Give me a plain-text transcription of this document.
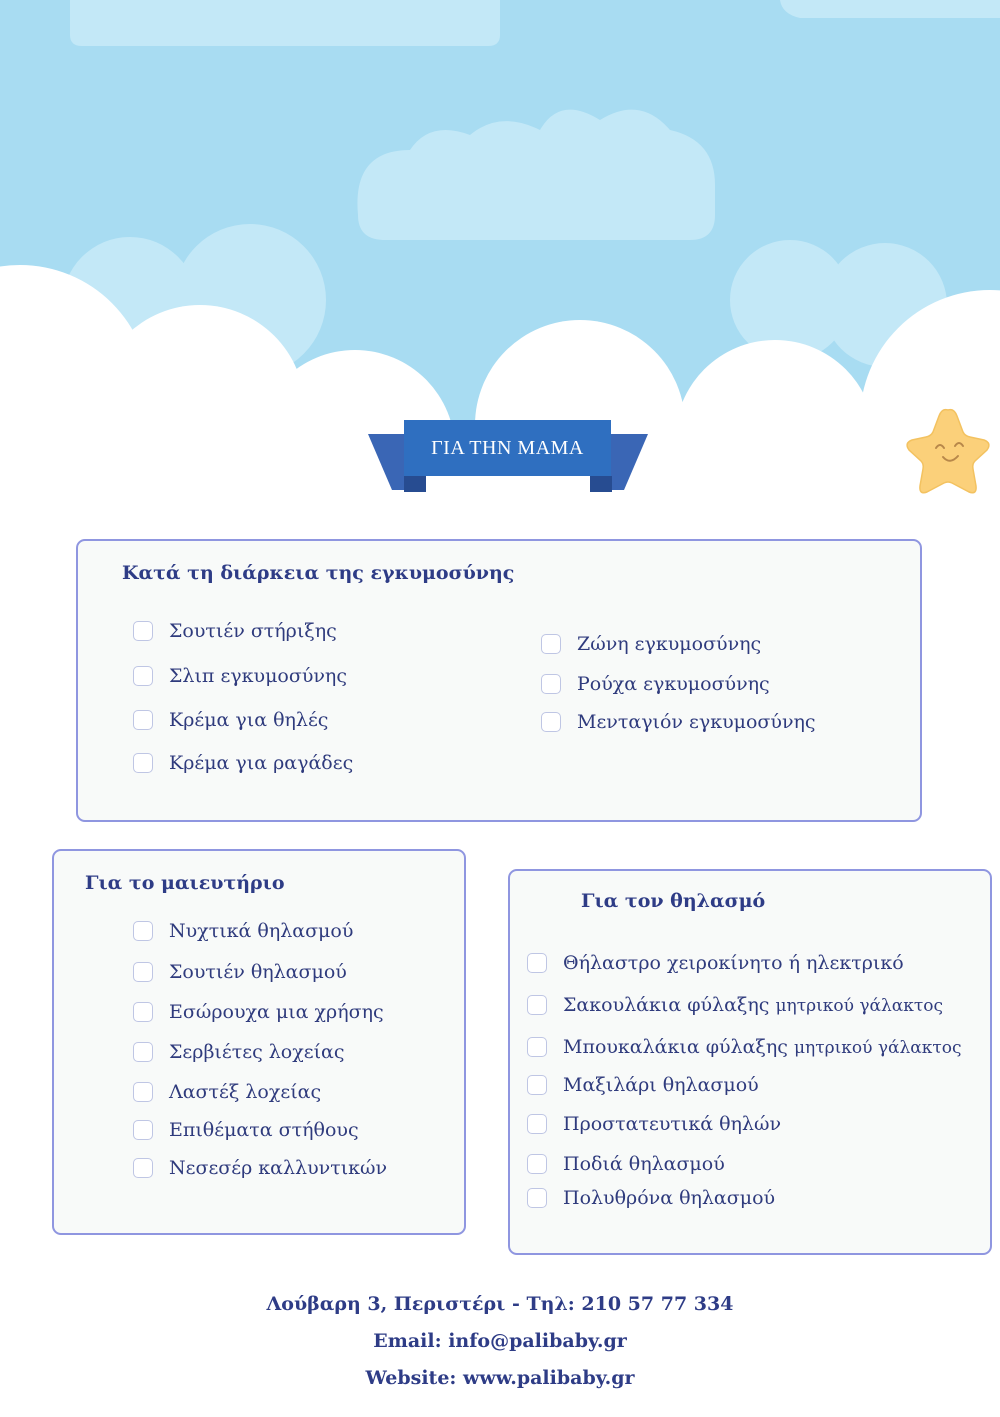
ΓΙΑ ΤΗΝ ΜΑΜΑ
Κατά τη διάρκεια της εγκυμοσύνης
Σουτιέν στήριξης
Σλιπ εγκυμοσύνης
Κρέμα για θηλές
Κρέμα για ραγάδες
Ζώνη εγκυμοσύνης
Ρούχα εγκυμοσύνης
Μενταγιόν εγκυμοσύνης
Για το μαιευτήριο
Νυχτικά θηλασμού
Σουτιέν θηλασμού
Εσώρουχα μια χρήσης
Σερβιέτες λοχείας
Λαστέξ λοχείας
Επιθέματα στήθους
Νεσεσέρ καλλυντικών
Για τον θηλασμό
Θήλαστρο χειροκίνητο ή ηλεκτρικό
Σακουλάκια φύλαξης μητρικού γάλακτος
Μπουκαλάκια φύλαξης μητρικού γάλακτος
Μαξιλάρι θηλασμού
Προστατευτικά θηλών
Ποδιά θηλασμού
Πολυθρόνα θηλασμού
Λούβαρη 3, Περιστέρι - Τηλ: 210 57 77 334
Email: info@palibaby.gr
Website: www.palibaby.gr
